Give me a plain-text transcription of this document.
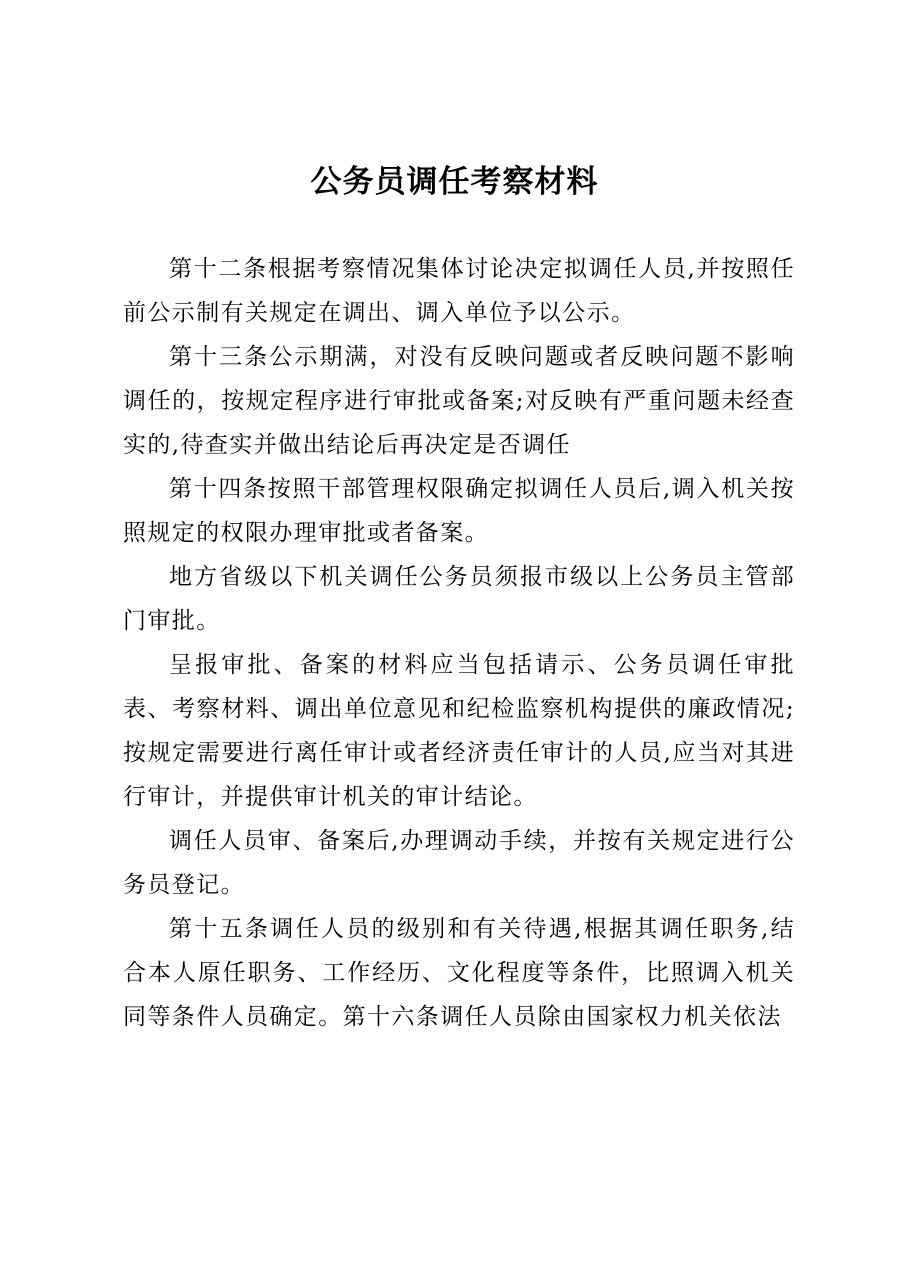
公务员调任考察材料

第十二条根据考察情况集体讨论决定拟调任人员,并按照任前公示制有关规定在调出、调入单位予以公示。

第十三条公示期满，对没有反映问题或者反映问题不影响调任的，按规定程序进行审批或备案;对反映有严重问题未经查实的,待查实并做出结论后再决定是否调任

第十四条按照干部管理权限确定拟调任人员后,调入机关按照规定的权限办理审批或者备案。

地方省级以下机关调任公务员须报市级以上公务员主管部门审批。

呈报审批、备案的材料应当包括请示、公务员调任审批表、考察材料、调出单位意见和纪检监察机构提供的廉政情况;按规定需要进行离任审计或者经济责任审计的人员,应当对其进行审计，并提供审计机关的审计结论。

调任人员审、备案后,办理调动手续，并按有关规定进行公务员登记。

第十五条调任人员的级别和有关待遇,根据其调任职务,结合本人原任职务、工作经历、文化程度等条件，比照调入机关同等条件人员确定。第十六条调任人员除由国家权力机关依法
